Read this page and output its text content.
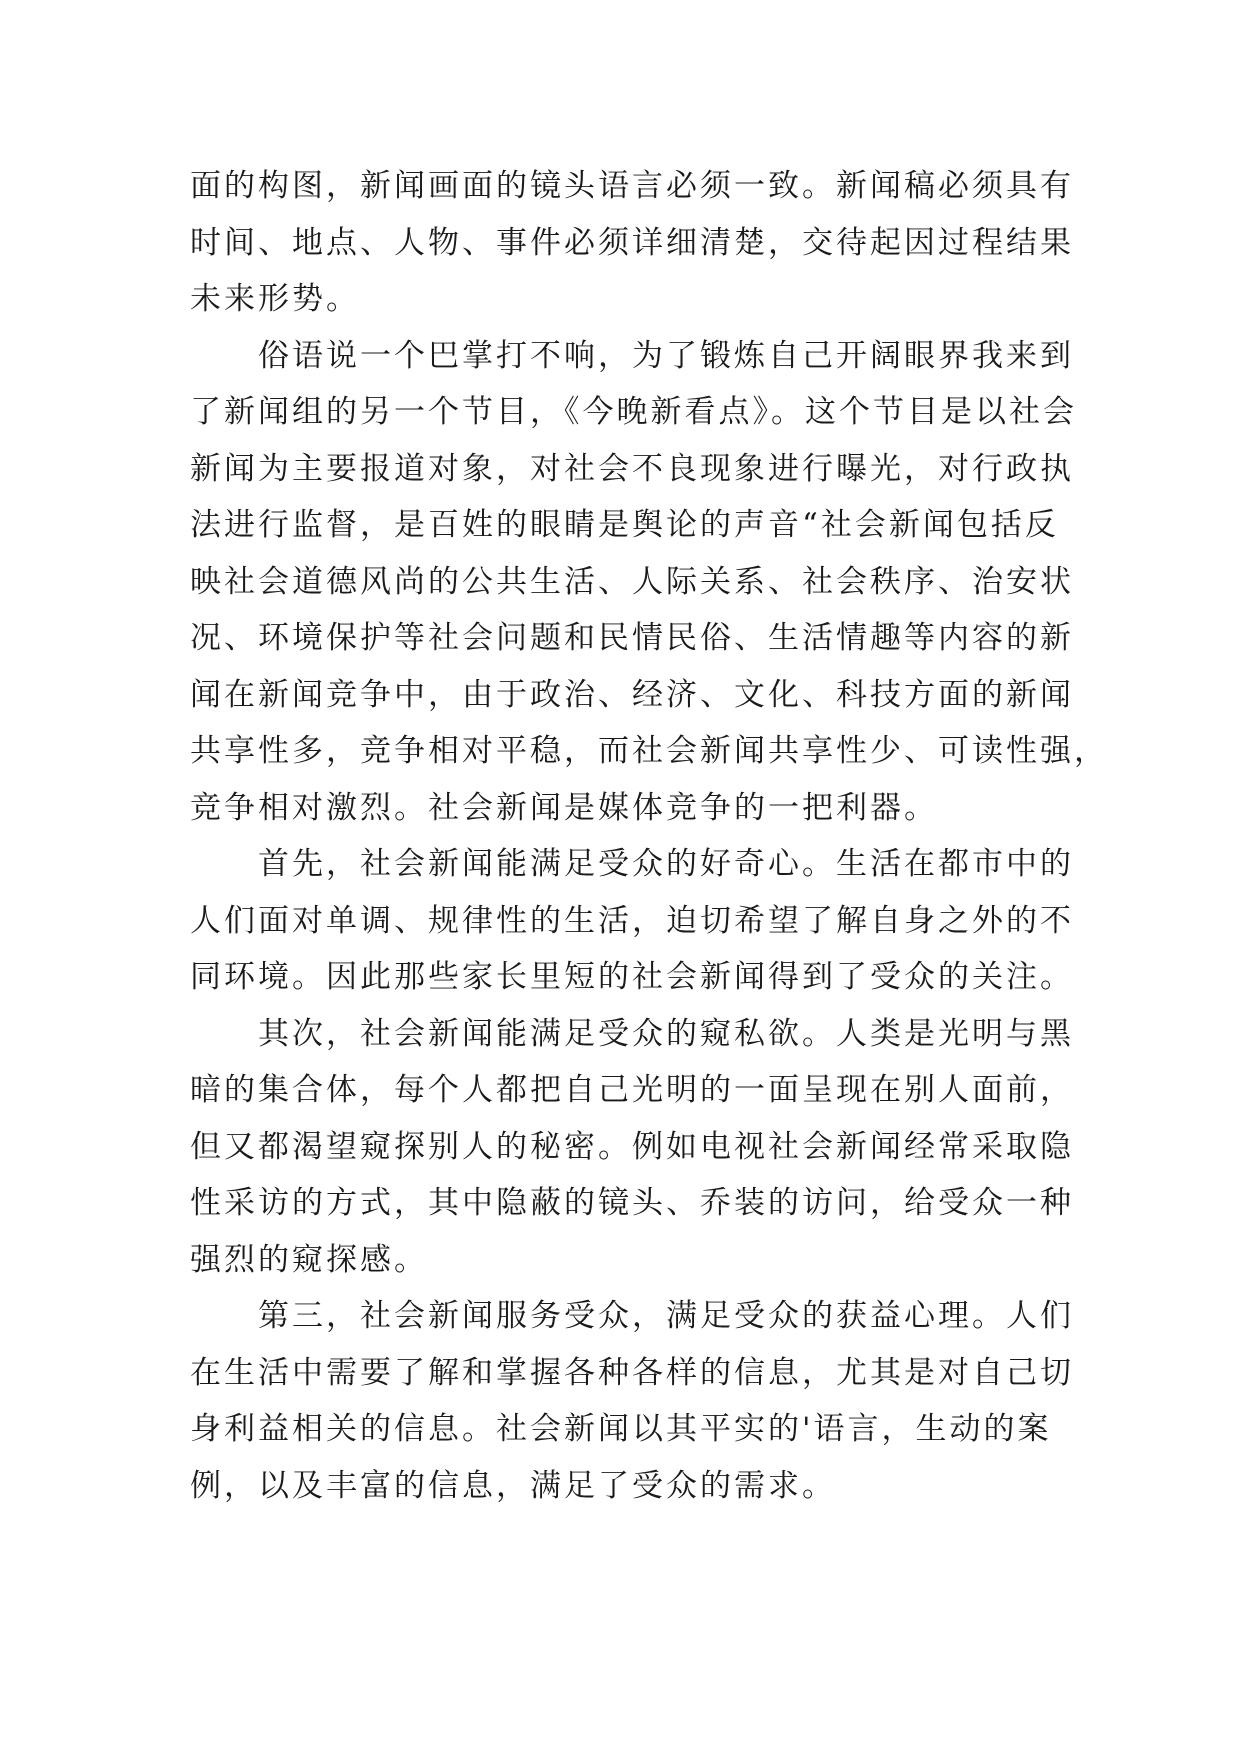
面的构图，新闻画面的镜头语言必须一致。新闻稿必须具有
时间、地点、人物、事件必须详细清楚，交待起因过程结果
未来形势。
俗语说一个巴掌打不响，为了锻炼自己开阔眼界我来到
了新闻组的另一个节目，《今晚新看点》。这个节目是以社会
新闻为主要报道对象，对社会不良现象进行曝光，对行政执
法进行监督，是百姓的眼睛是舆论的声音“社会新闻包括反
映社会道德风尚的公共生活、人际关系、社会秩序、治安状
况、环境保护等社会问题和民情民俗、生活情趣等内容的新
闻在新闻竞争中，由于政治、经济、文化、科技方面的新闻
共享性多，竞争相对平稳，而社会新闻共享性少、可读性强，
竞争相对激烈。社会新闻是媒体竞争的一把利器。
首先，社会新闻能满足受众的好奇心。生活在都市中的
人们面对单调、规律性的生活，迫切希望了解自身之外的不
同环境。因此那些家长里短的社会新闻得到了受众的关注。
其次，社会新闻能满足受众的窥私欲。人类是光明与黑
暗的集合体，每个人都把自己光明的一面呈现在别人面前，
但又都渴望窥探别人的秘密。例如电视社会新闻经常采取隐
性采访的方式，其中隐蔽的镜头、乔装的访问，给受众一种
强烈的窥探感。
第三，社会新闻服务受众，满足受众的获益心理。人们
在生活中需要了解和掌握各种各样的信息，尤其是对自己切
身利益相关的信息。社会新闻以其平实的'语言，生动的案
例，以及丰富的信息，满足了受众的需求。
